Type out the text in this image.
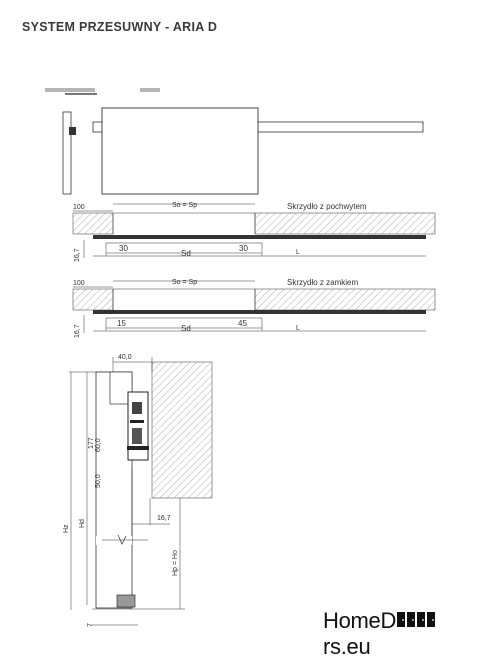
SYSTEM PRZESUWNY - ARIA D
100	So = Sp	Skrzydło z pochwytem
16,7	30
Sd
30	L
100	So = Sp	Skrzydło z zamkiem
16,7
15
Sd
45
L
40,0
16,7
177 60,0
50,0
Hz
Hd
Hp = Ho
7	HomeDrs.eu
